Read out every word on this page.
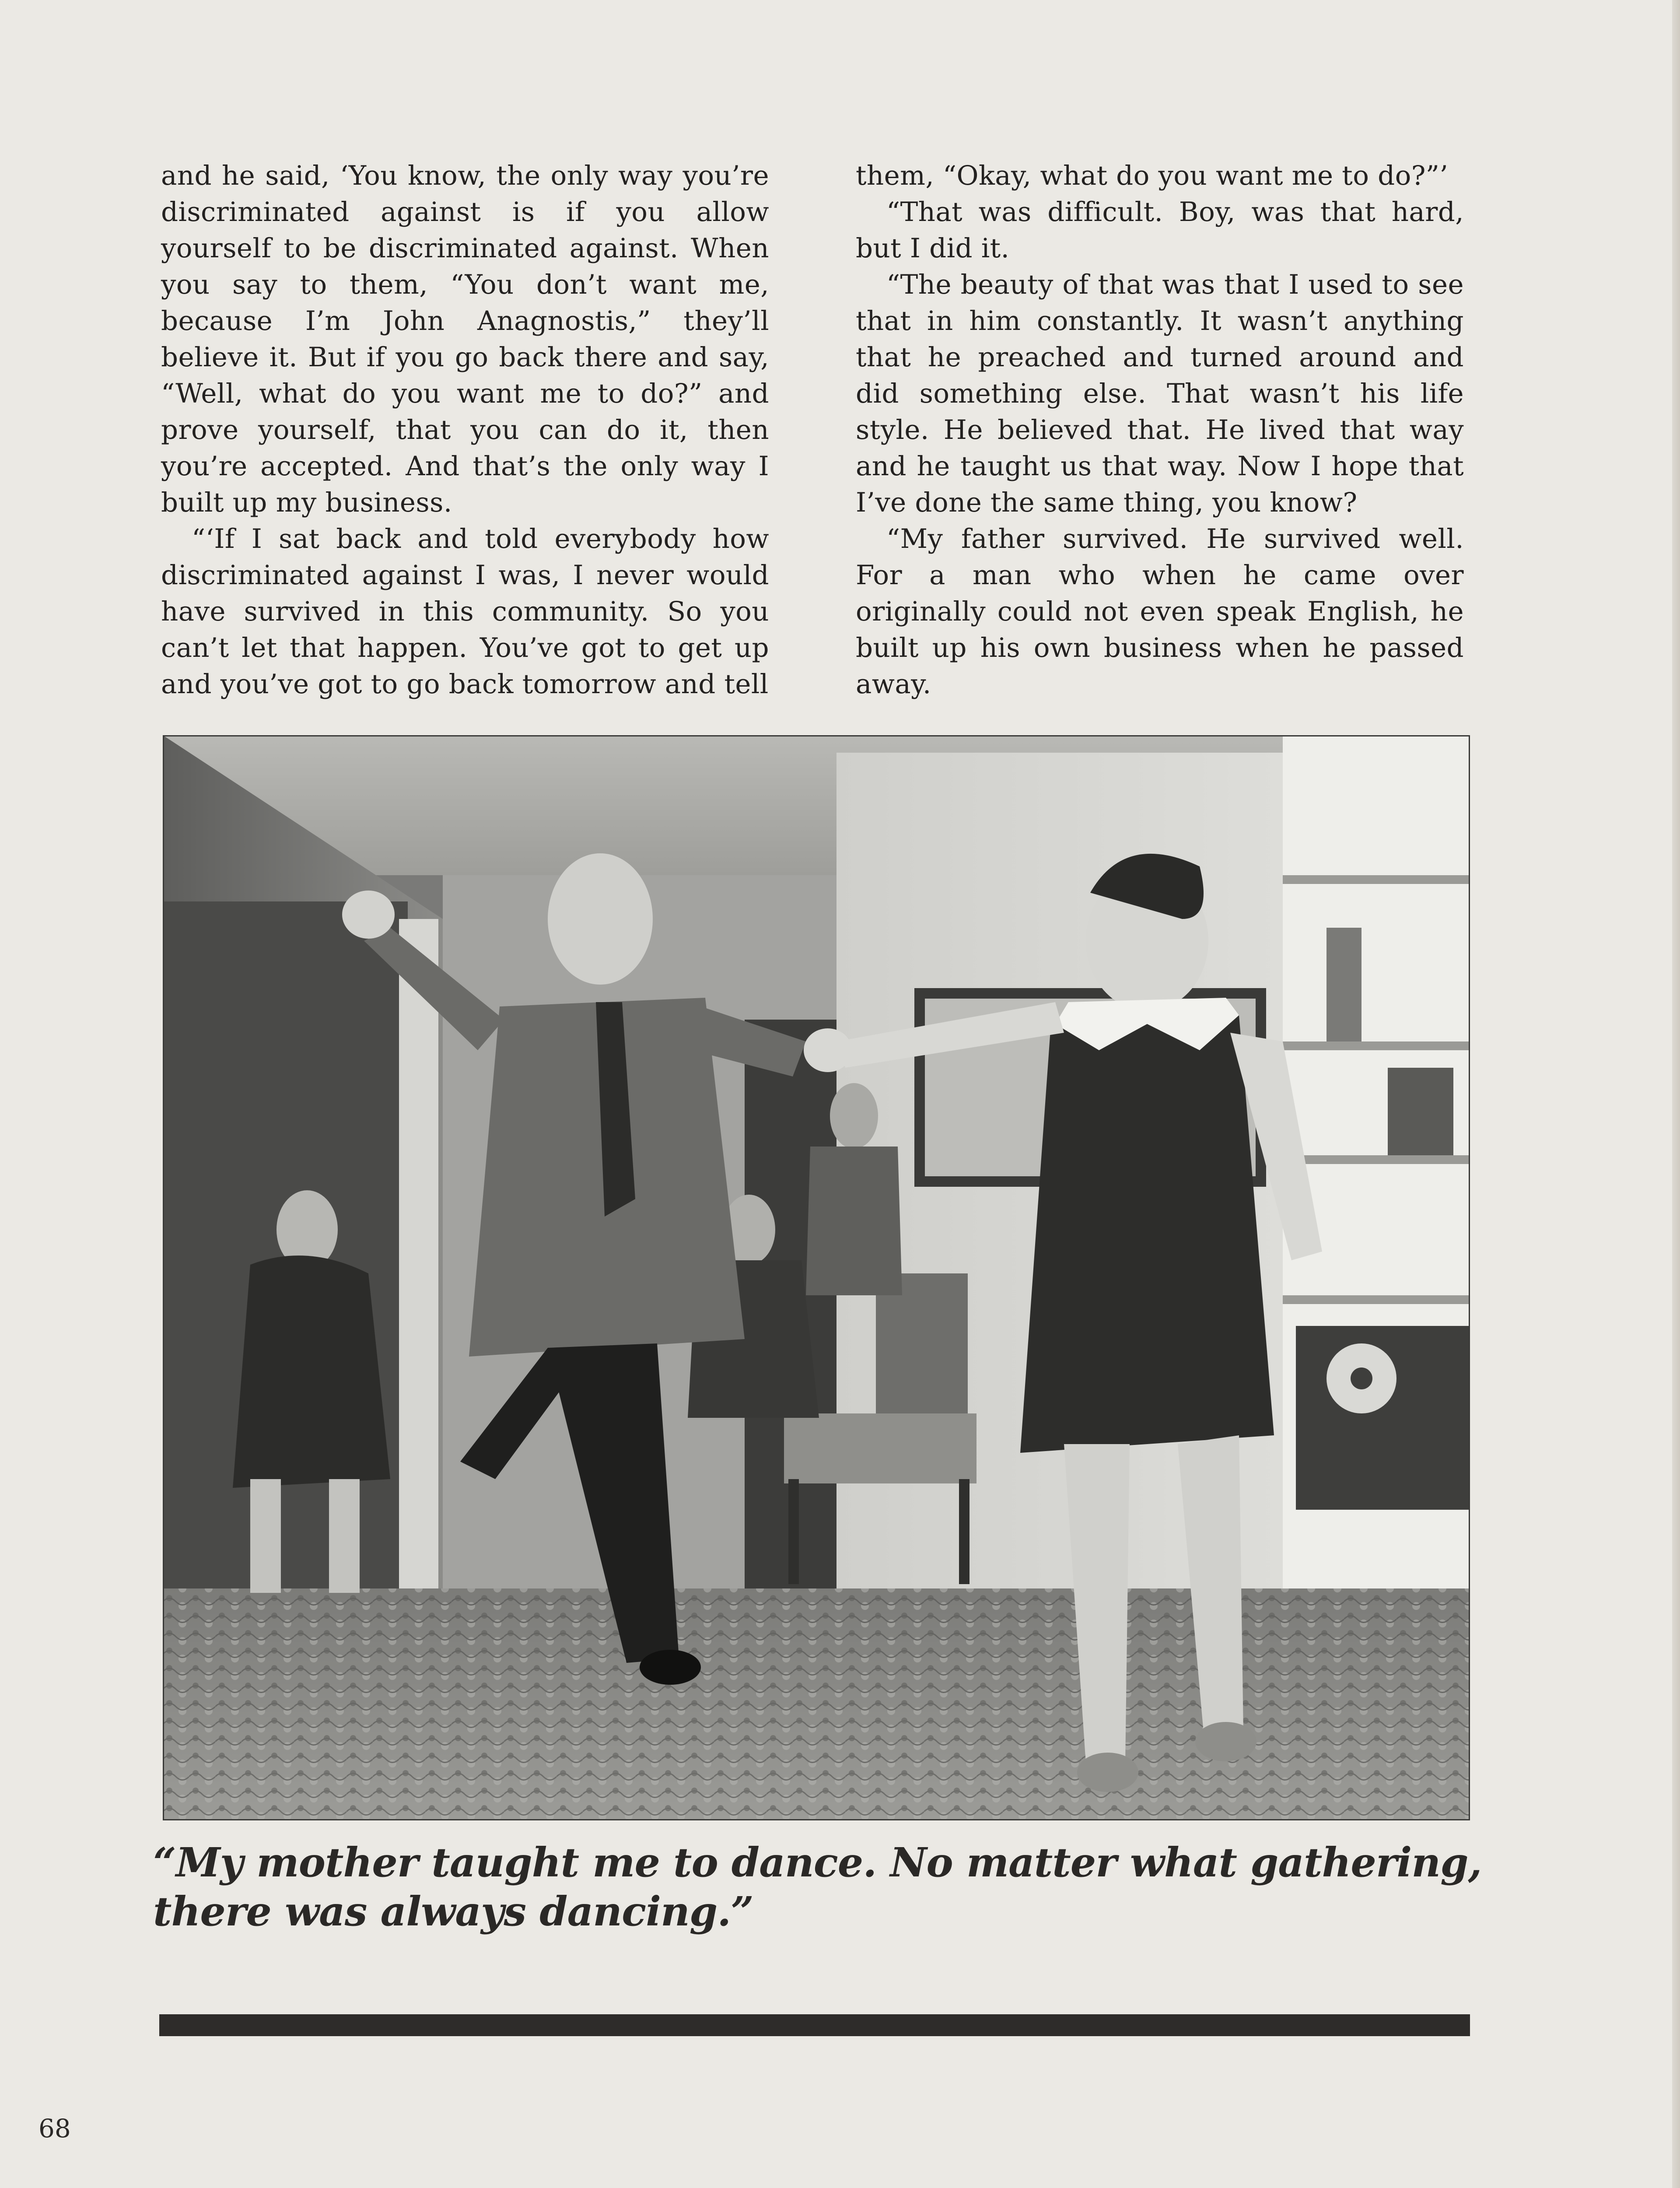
and he said, ‘You know, the only way you’re discriminated against is if you allow yourself to be discriminated against. When you say to them, “You don’t want me, because I’m John Anagnostis,” they’ll believe it. But if you go back there and say, “Well, what do you want me to do?” and prove yourself, that you can do it, then you’re accepted. And that’s the only way I built up my business.

“‘If I sat back and told everybody how discriminated against I was, I never would have survived in this community. So you can’t let that happen. You’ve got to get up and you’ve got to go back tomorrow and tell

them, “Okay, what do you want me to do?”’

“That was difficult. Boy, was that hard, but I did it.

“The beauty of that was that I used to see that in him constantly. It wasn’t anything that he preached and turned around and did something else. That wasn’t his life style. He believed that. He lived that way and he taught us that way. Now I hope that I’ve done the same thing, you know?

“My father survived. He survived well. For a man who when he came over originally could not even speak English, he built up his own business when he passed away.

“My mother taught me to dance. No matter what gathering,
there was always dancing.”
68
